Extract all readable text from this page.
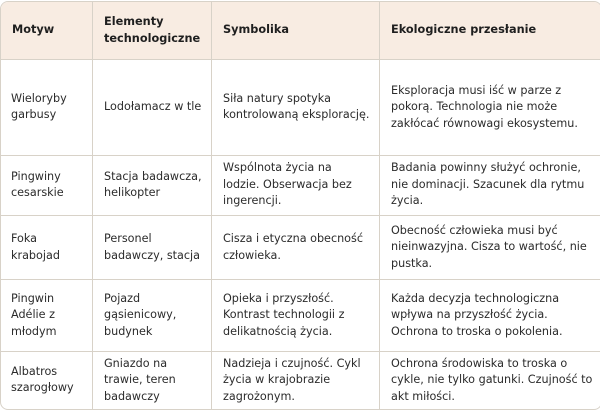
Motyw	Elementy technologiczne	Symbolika	Ekologiczne przesłanie
Wieloryby garbusy	Lodołamacz w tle	Siła natury spotyka kontrolowaną eksplorację.	Eksploracja musi iść w parze z pokorą. Technologia nie może zakłócać równowagi ekosystemu.
Pingwiny cesarskie	Stacja badawcza, helikopter	Wspólnota życia na lodzie. Obserwacja bez ingerencji.	Badania powinny służyć ochronie, nie dominacji. Szacunek dla rytmu życia.
Foka krabojad	Personel badawczy, stacja	Cisza i etyczna obecność człowieka.	Obecność człowieka musi być nieinwazyjna. Cisza to wartość, nie pustka.
Pingwin Adélie z młodym	Pojazd gąsienicowy, budynek	Opieka i przyszłość. Kontrast technologii z delikatnością życia.	Każda decyzja technologiczna wpływa na przyszłość życia. Ochrona to troska o pokolenia.
Albatros szarogłowy	Gniazdo na trawie, teren badawczy	Nadzieja i czujność. Cykl życia w krajobrazie zagrożonym.	Ochrona środowiska to troska o cykle, nie tylko gatunki. Czujność to akt miłości.
